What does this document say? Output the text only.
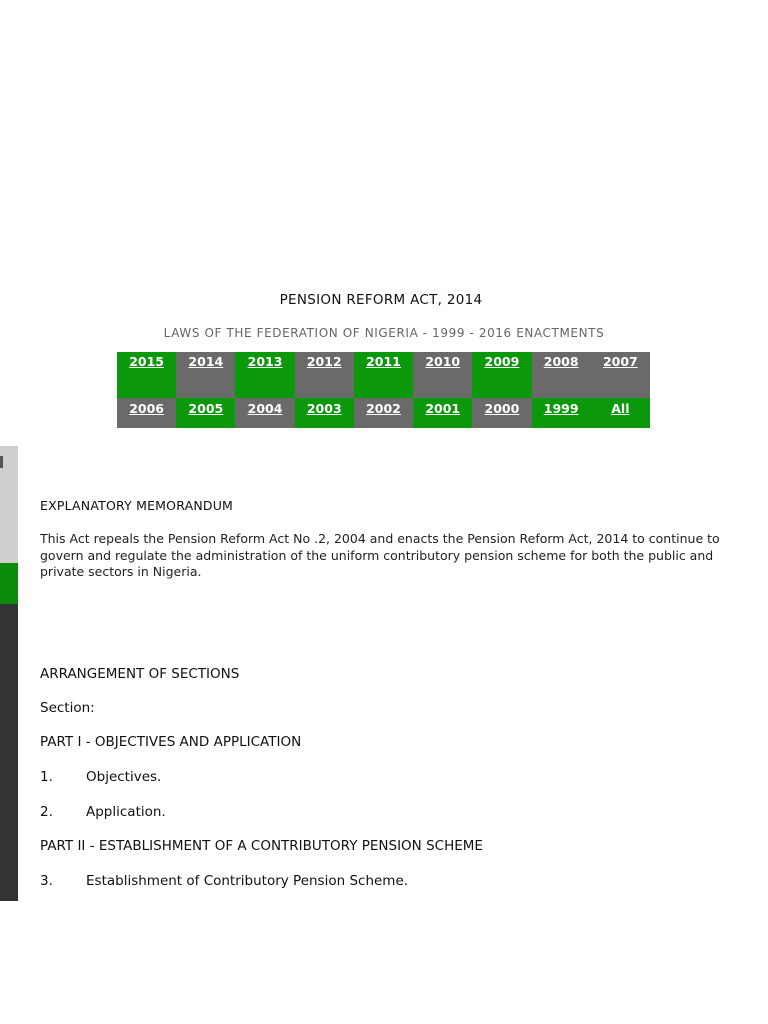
PENSION REFORM ACT, 2014
LAWS OF THE FEDERATION OF NIGERIA - 1999 - 2016 ENACTMENTS
2015	2014	2013	2012	2011	2010	2009	2008	2007
2006	2005	2004	2003	2002	2001	2000	1999	All
EXPLANATORY MEMORANDUM
This Act repeals the Pension Reform Act No .2, 2004 and enacts the Pension Reform Act, 2014 to continue to govern and regulate the administration of the uniform contributory pension scheme for both the public and private sectors in Nigeria.
ARRANGEMENT OF SECTIONS
Section:
PART I - OBJECTIVES AND APPLICATION
1. Objectives.
2. Application.
PART II - ESTABLISHMENT OF A CONTRIBUTORY PENSION SCHEME
3. Establishment of Contributory Pension Scheme.
